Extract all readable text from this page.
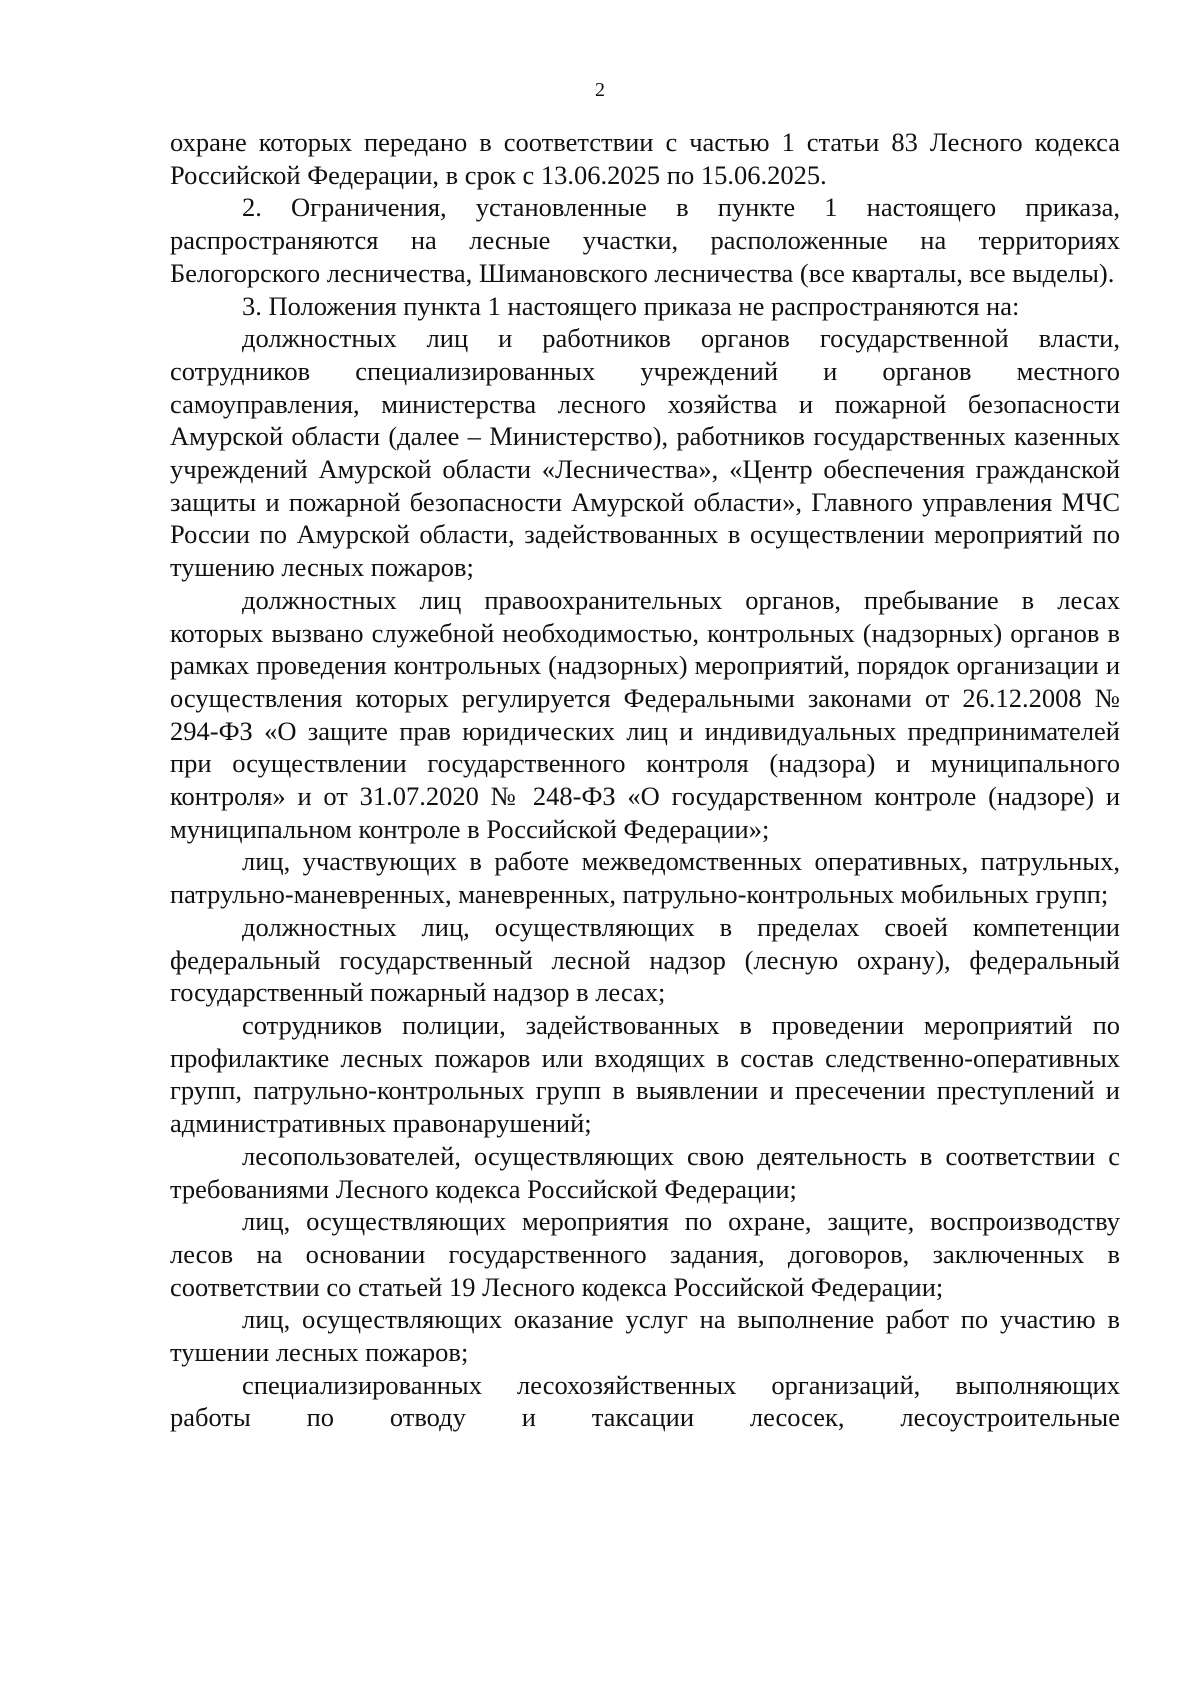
2

охране которых передано в соответствии с частью 1 статьи 83 Лесного кодекса Российской Федерации, в срок с 13.06.2025 по 15.06.2025.

2. Ограничения, установленные в пункте 1 настоящего приказа, распространяются на лесные участки, расположенные на территориях Белогорского лесничества, Шимановского лесничества (все кварталы, все выделы).

3. Положения пункта 1 настоящего приказа не распространяются на:

должностных лиц и работников органов государственной власти, сотрудников специализированных учреждений и органов местного самоуправления, министерства лесного хозяйства и пожарной безопасности Амурской области (далее – Министерство), работников государственных казенных учреждений Амурской области «Лесничества», «Центр обеспечения гражданской защиты и пожарной безопасности Амурской области», Главного управления МЧС России по Амурской области, задействованных в осуществлении мероприятий по тушению лесных пожаров;

должностных лиц правоохранительных органов, пребывание в лесах которых вызвано служебной необходимостью, контрольных (надзорных) органов в рамках проведения контрольных (надзорных) мероприятий, порядок организации и осуществления которых регулируется Федеральными законами от 26.12.2008 № 294-ФЗ «О защите прав юридических лиц и индивидуальных предпринимателей при осуществлении государственного контроля (надзора) и муниципального контроля» и от 31.07.2020 № 248-ФЗ «О государственном контроле (надзоре) и муниципальном контроле в Российской Федерации»;

лиц, участвующих в работе межведомственных оперативных, патрульных, патрульно-маневренных, маневренных, патрульно-контрольных мобильных групп;

должностных лиц, осуществляющих в пределах своей компетенции федеральный государственный лесной надзор (лесную охрану), федеральный государственный пожарный надзор в лесах;

сотрудников полиции, задействованных в проведении мероприятий по профилактике лесных пожаров или входящих в состав следственно-оперативных групп, патрульно-контрольных групп в выявлении и пресечении преступлений и административных правонарушений;

лесопользователей, осуществляющих свою деятельность в соответствии с требованиями Лесного кодекса Российской Федерации;

лиц, осуществляющих мероприятия по охране, защите, воспроизводству лесов на основании государственного задания, договоров, заключенных в соответствии со статьей 19 Лесного кодекса Российской Федерации;

лиц, осуществляющих оказание услуг на выполнение работ по участию в тушении лесных пожаров;

специализированных лесохозяйственных организаций, выполняющих работы по отводу и таксации лесосек, лесоустроительные
